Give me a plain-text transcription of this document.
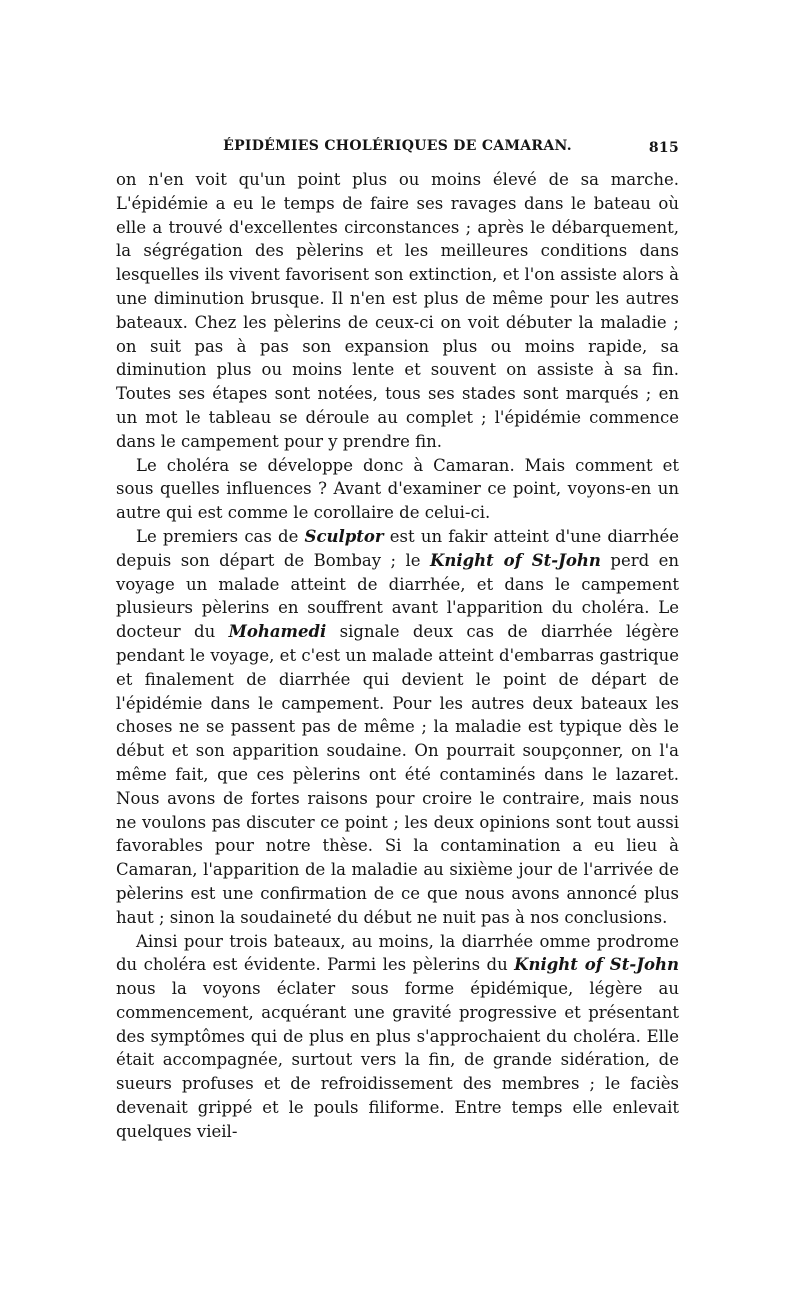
ÉPIDÉMIES CHOLÉRIQUES DE CAMARAN.	815

on n'en voit qu'un point plus ou moins élevé de sa marche. L'épidémie a eu le temps de faire ses ravages dans le bateau où elle a trouvé d'excellentes circonstances ; après le débarquement, la ségrégation des pèlerins et les meilleures conditions dans lesquelles ils vivent favorisent son extinction, et l'on assiste alors à une diminution brusque. Il n'en est plus de même pour les autres bateaux. Chez les pèlerins de ceux-ci on voit débuter la maladie ; on suit pas à pas son expansion plus ou moins rapide, sa diminution plus ou moins lente et souvent on assiste à sa fin. Toutes ses étapes sont notées, tous ses stades sont marqués ; en un mot le tableau se déroule au complet ; l'épidémie commence dans le campement pour y prendre fin.

Le choléra se développe donc à Camaran. Mais comment et sous quelles influences ? Avant d'examiner ce point, voyons-en un autre qui est comme le corollaire de celui-ci.

Le premiers cas de Sculptor est un fakir atteint d'une diarrhée depuis son départ de Bombay ; le Knight of St-John perd en voyage un malade atteint de diarrhée, et dans le campement plusieurs pèlerins en souffrent avant l'apparition du choléra. Le docteur du Mohamedi signale deux cas de diarrhée légère pendant le voyage, et c'est un malade atteint d'embarras gastrique et finalement de diarrhée qui devient le point de départ de l'épidémie dans le campement. Pour les autres deux bateaux les choses ne se passent pas de même ; la maladie est typique dès le début et son apparition soudaine. On pourrait soupçonner, on l'a même fait, que ces pèlerins ont été contaminés dans le lazaret. Nous avons de fortes raisons pour croire le contraire, mais nous ne voulons pas discuter ce point ; les deux opinions sont tout aussi favorables pour notre thèse. Si la contamination a eu lieu à Camaran, l'apparition de la maladie au sixième jour de l'arrivée de pèlerins est une confirmation de ce que nous avons annoncé plus haut ; sinon la soudaineté du début ne nuit pas à nos conclusions.

Ainsi pour trois bateaux, au moins, la diarrhée omme prodrome du choléra est évidente. Parmi les pèlerins du Knight of St-John nous la voyons éclater sous forme épidémique, légère au commencement, acquérant une gravité progressive et présentant des symptômes qui de plus en plus s'approchaient du choléra. Elle était accompagnée, surtout vers la fin, de grande sidération, de sueurs profuses et de refroidissement des membres ; le faciès devenait grippé et le pouls filiforme. Entre temps elle enlevait quelques vieil-
